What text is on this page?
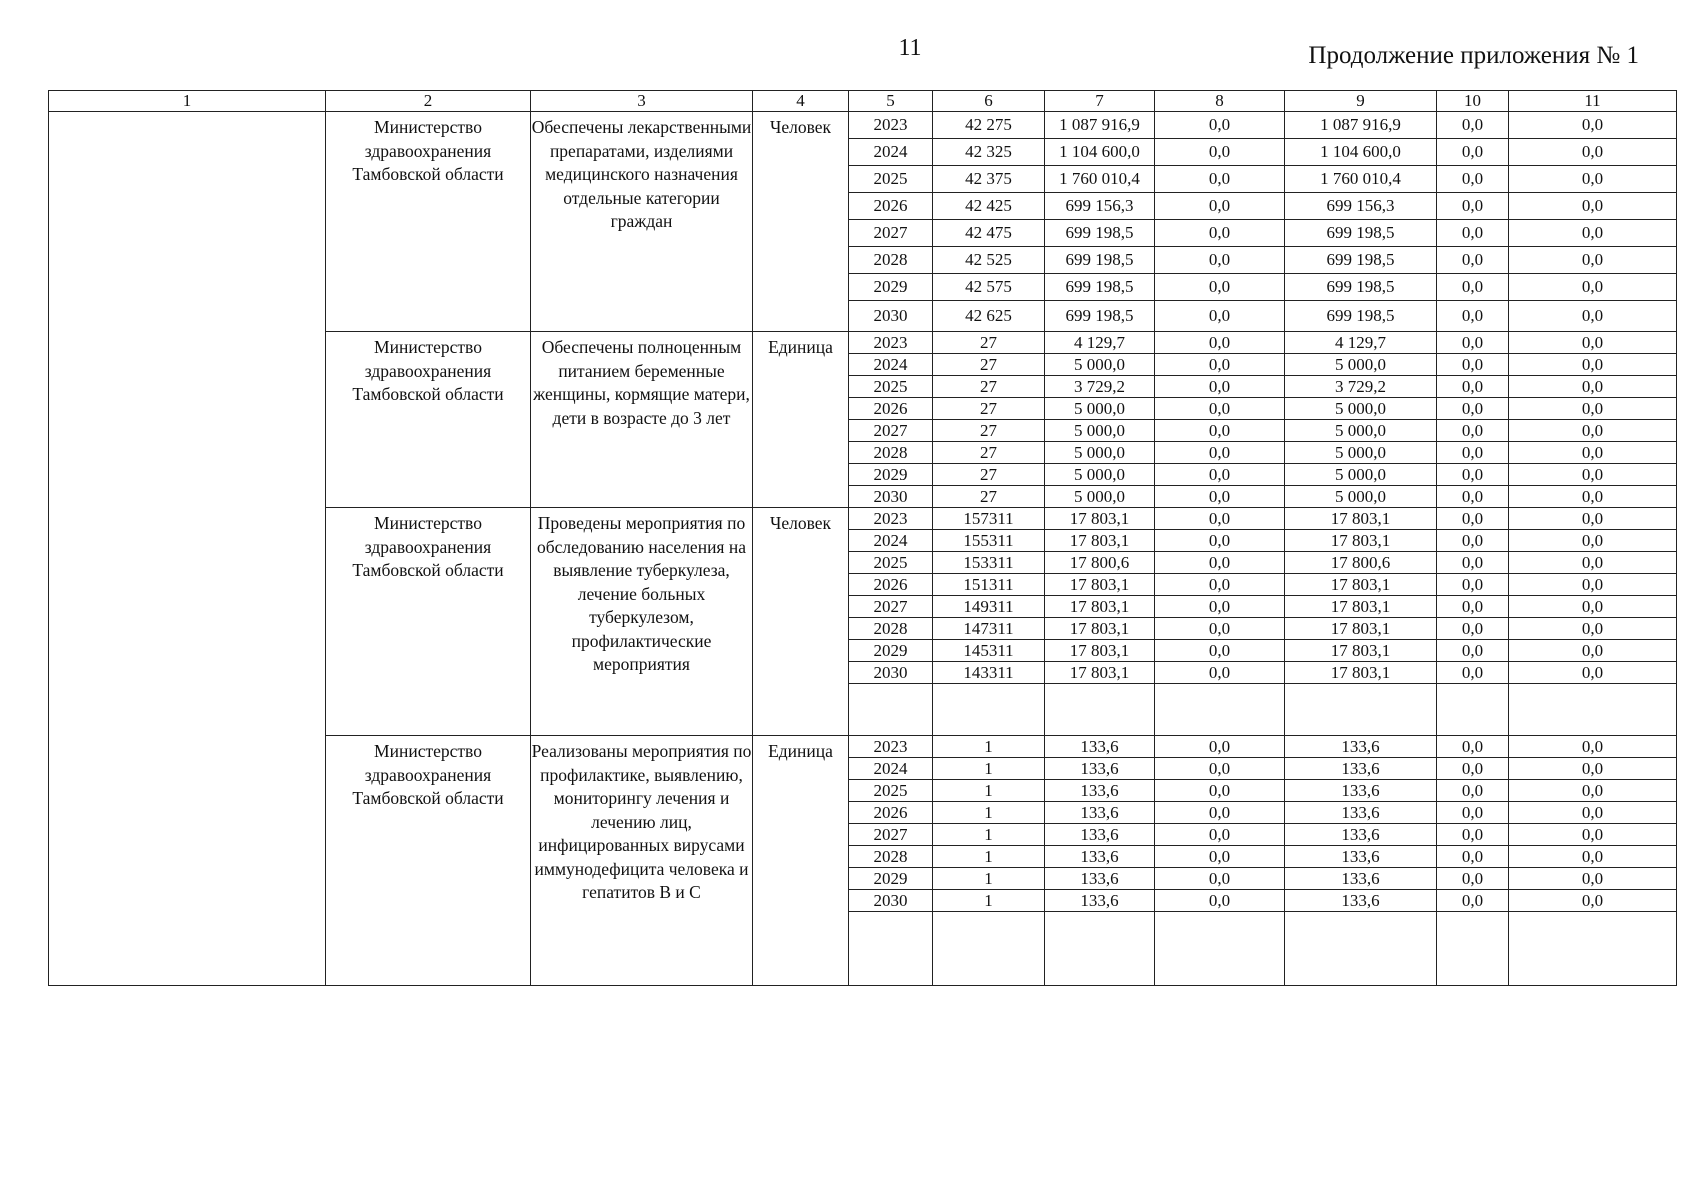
11	Продолжение приложения № 1
1	2	3	4	5	6	7	8	9	10	11
	Министерство здравоохранения Тамбовской области	Обеспечены лекарственными препаратами, изделиями медицинского назначения отдельные категории граждан	Человек	2023	42 275	1 087 916,9	0,0	1 087 916,9	0,0	0,0
				2024	42 325	1 104 600,0	0,0	1 104 600,0	0,0	0,0
				2025	42 375	1 760 010,4	0,0	1 760 010,4	0,0	0,0
				2026	42 425	699 156,3	0,0	699 156,3	0,0	0,0
				2027	42 475	699 198,5	0,0	699 198,5	0,0	0,0
				2028	42 525	699 198,5	0,0	699 198,5	0,0	0,0
				2029	42 575	699 198,5	0,0	699 198,5	0,0	0,0
				2030	42 625	699 198,5	0,0	699 198,5	0,0	0,0
	Министерство здравоохранения Тамбовской области	Обеспечены полноценным питанием беременные женщины, кормящие матери, дети в возрасте до 3 лет	Единица	2023	27	4 129,7	0,0	4 129,7	0,0	0,0
				2024	27	5 000,0	0,0	5 000,0	0,0	0,0
				2025	27	3 729,2	0,0	3 729,2	0,0	0,0
				2026	27	5 000,0	0,0	5 000,0	0,0	0,0
				2027	27	5 000,0	0,0	5 000,0	0,0	0,0
				2028	27	5 000,0	0,0	5 000,0	0,0	0,0
				2029	27	5 000,0	0,0	5 000,0	0,0	0,0
				2030	27	5 000,0	0,0	5 000,0	0,0	0,0
	Министерство здравоохранения Тамбовской области	Проведены мероприятия по обследованию населения на выявление туберкулеза, лечение больных туберкулезом, профилактические мероприятия	Человек	2023	157311	17 803,1	0,0	17 803,1	0,0	0,0
				2024	155311	17 803,1	0,0	17 803,1	0,0	0,0
				2025	153311	17 800,6	0,0	17 800,6	0,0	0,0
				2026	151311	17 803,1	0,0	17 803,1	0,0	0,0
				2027	149311	17 803,1	0,0	17 803,1	0,0	0,0
				2028	147311	17 803,1	0,0	17 803,1	0,0	0,0
				2029	145311	17 803,1	0,0	17 803,1	0,0	0,0
				2030	143311	17 803,1	0,0	17 803,1	0,0	0,0

	Министерство здравоохранения Тамбовской области	Реализованы мероприятия по профилактике, выявлению, мониторингу лечения и лечению лиц, инфицированных вирусами иммунодефицита человека и гепатитов В и С	Единица	2023	1	133,6	0,0	133,6	0,0	0,0
				2024	1	133,6	0,0	133,6	0,0	0,0
				2025	1	133,6	0,0	133,6	0,0	0,0
				2026	1	133,6	0,0	133,6	0,0	0,0
				2027	1	133,6	0,0	133,6	0,0	0,0
				2028	1	133,6	0,0	133,6	0,0	0,0
				2029	1	133,6	0,0	133,6	0,0	0,0
				2030	1	133,6	0,0	133,6	0,0	0,0
